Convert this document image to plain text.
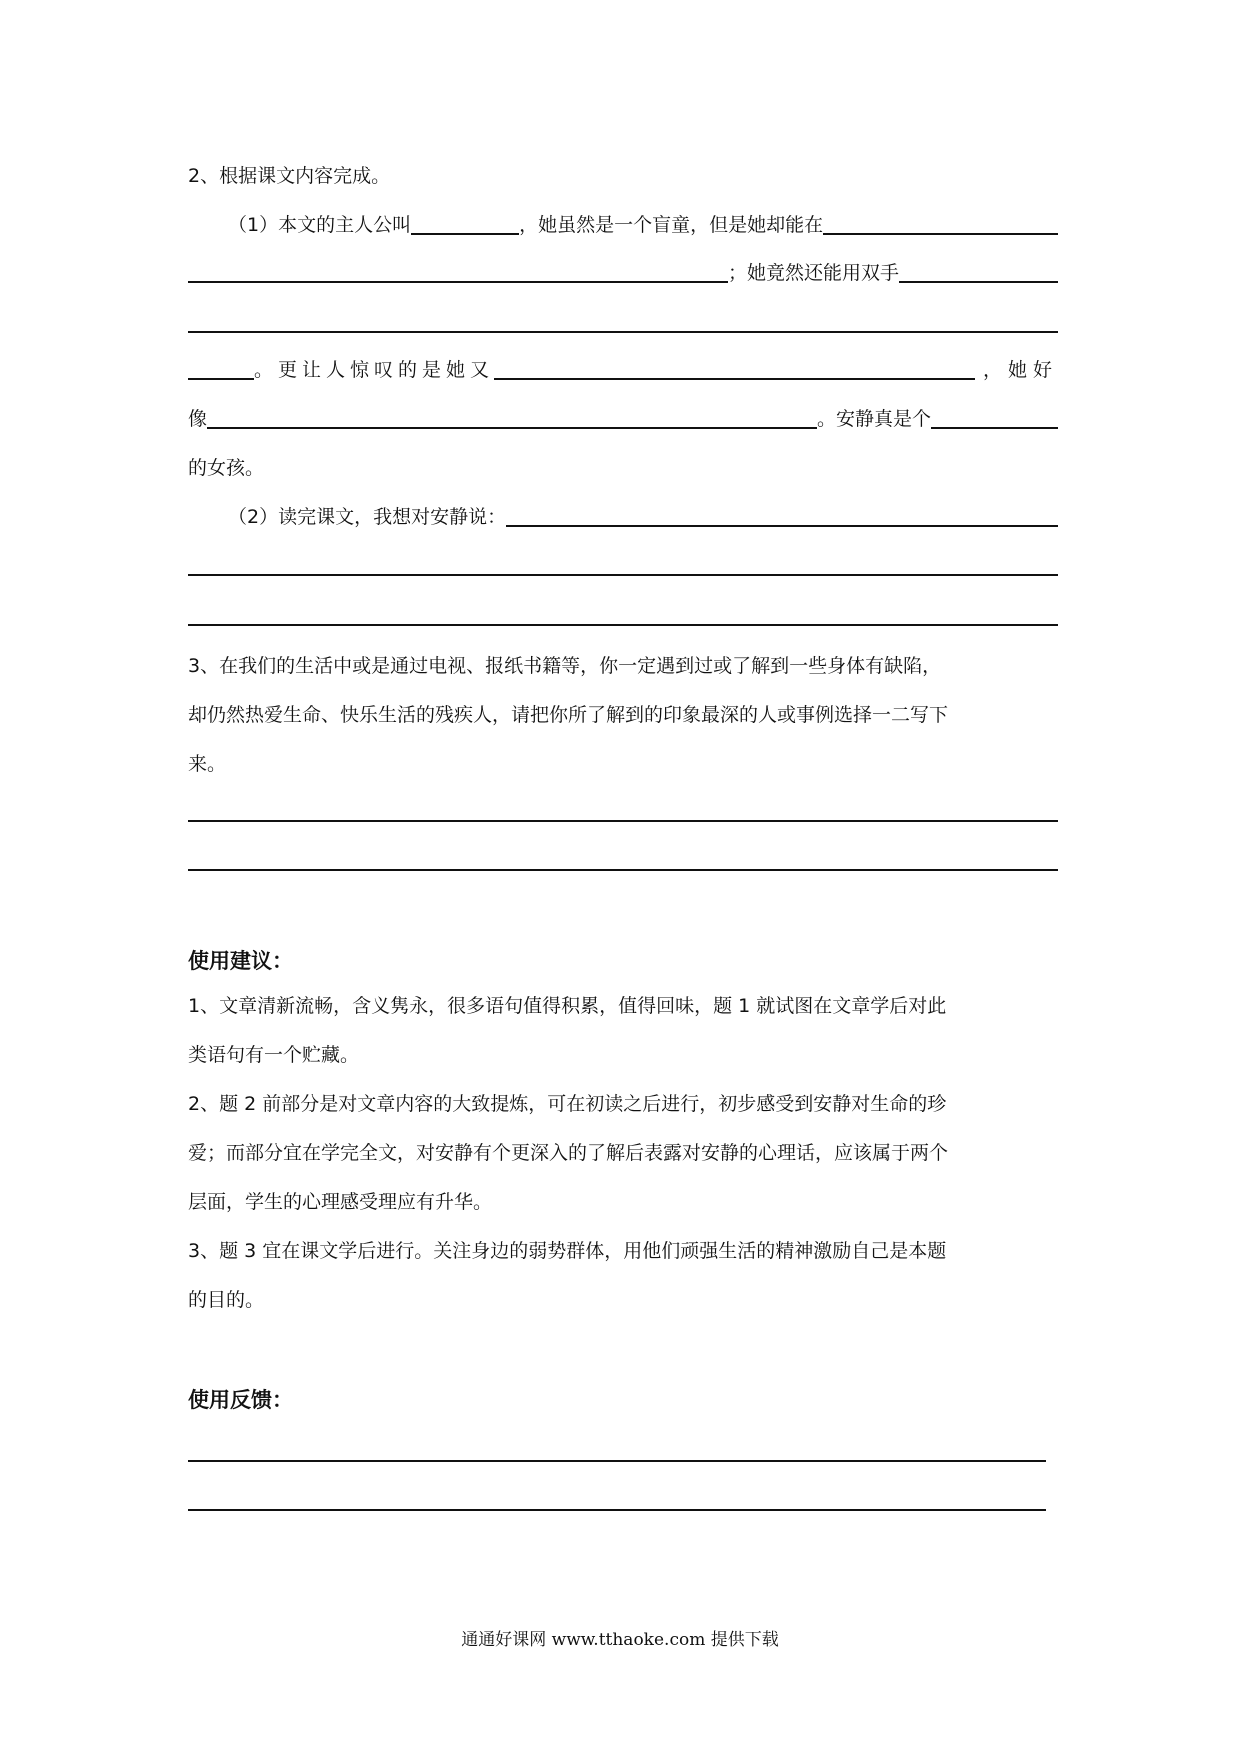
2、根据课文内容完成。
（1）本文的主人公叫	，她虽然是一个盲童，但是她却能在
；她竟然还能用双手
。更让人惊叹的是她又	，她好
像	。安静真是个
的女孩。
（2）读完课文，我想对安静说：
3、在我们的生活中或是通过电视、报纸书籍等，你一定遇到过或了解到一些身体有缺陷，
却仍然热爱生命、快乐生活的残疾人，请把你所了解到的印象最深的人或事例选择一二写下
来。
使用建议：
1、文章清新流畅，含义隽永，很多语句值得积累，值得回味，题 1 就试图在文章学后对此
类语句有一个贮藏。
2、题 2 前部分是对文章内容的大致提炼，可在初读之后进行，初步感受到安静对生命的珍
爱；而部分宜在学完全文，对安静有个更深入的了解后表露对安静的心理话，应该属于两个
层面，学生的心理感受理应有升华。
3、题 3 宜在课文学后进行。关注身边的弱势群体，用他们顽强生活的精神激励自己是本题
的目的。
使用反馈：
通通好课网 www.tthaoke.com 提供下载
